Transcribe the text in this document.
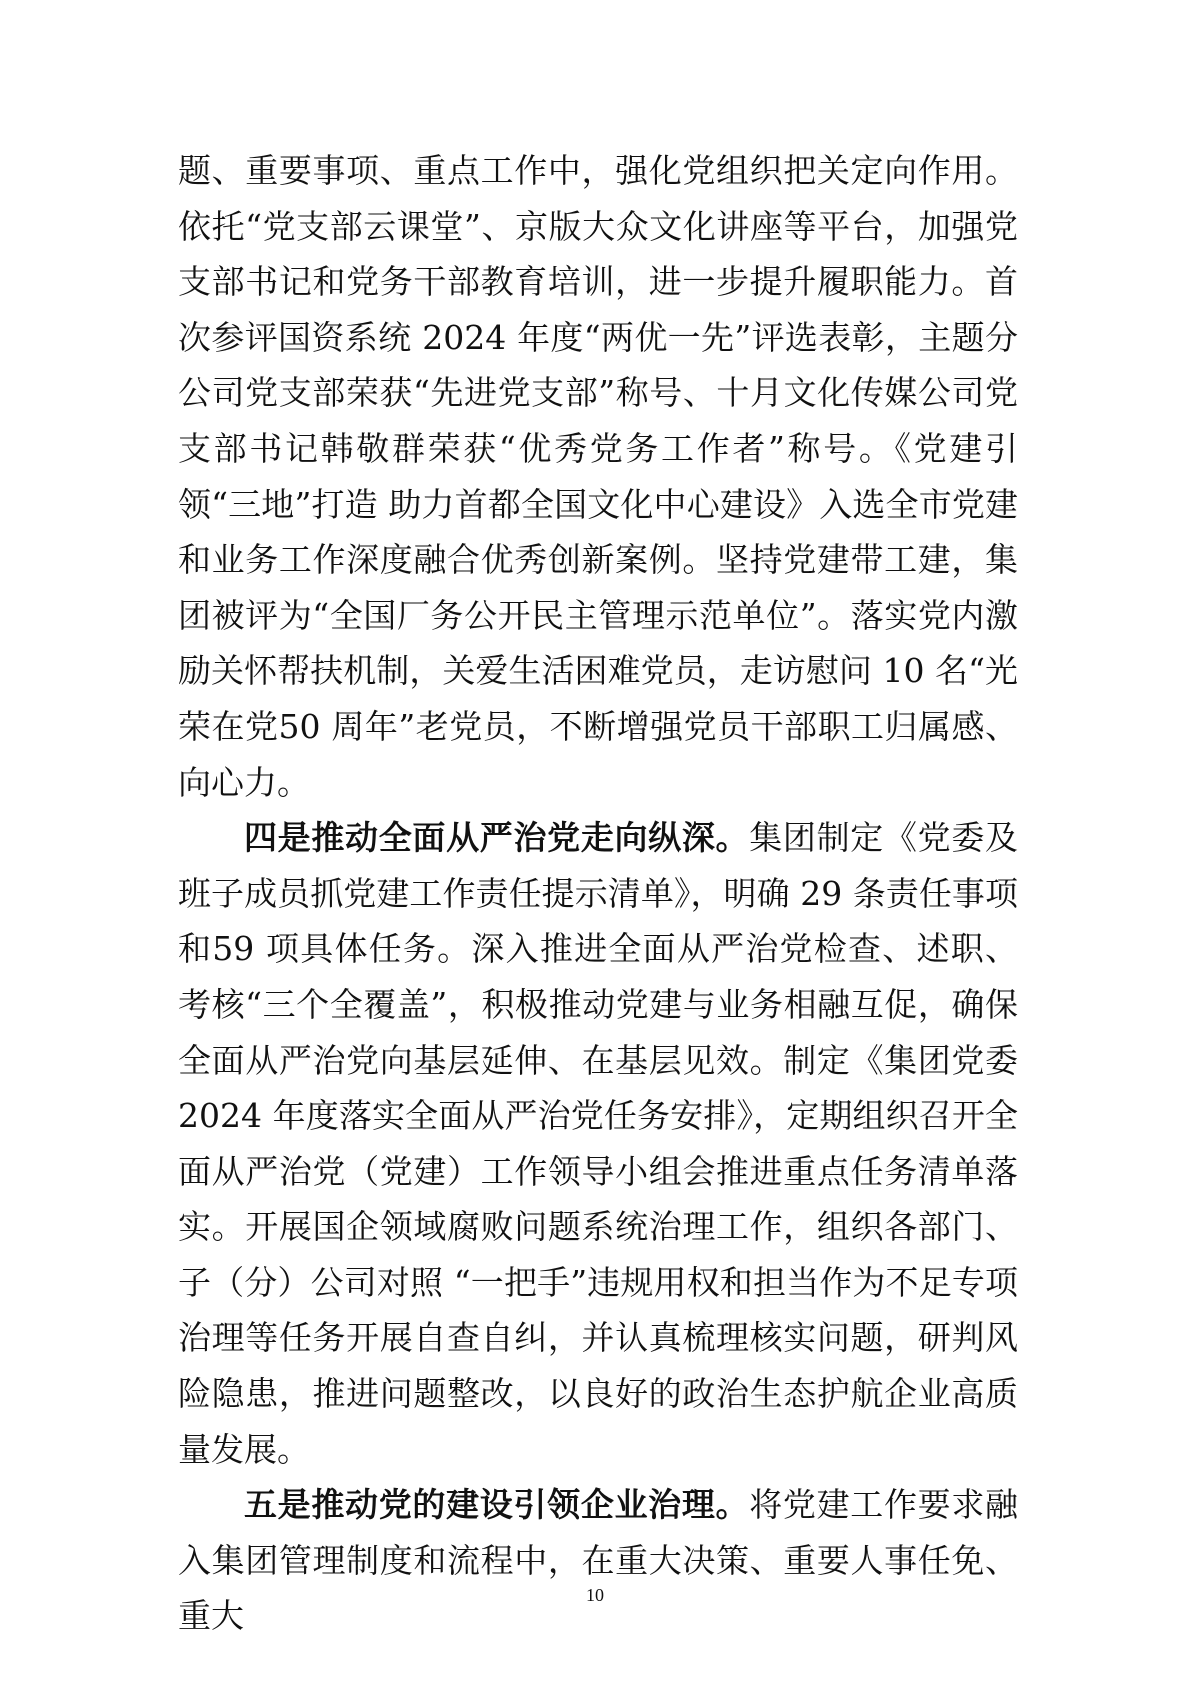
题、重要事项、重点工作中，强化党组织把关定向作用。依托“党支部云课堂”、京版大众文化讲座等平台，加强党支部书记和党务干部教育培训，进一步提升履职能力。首次参评国资系统 2024 年度“两优一先”评选表彰，主题分公司党支部荣获“先进党支部”称号、十月文化传媒公司党支部书记韩敬群荣获“优秀党务工作者”称号。《党建引领“三地”打造 助力首都全国文化中心建设》入选全市党建和业务工作深度融合优秀创新案例。坚持党建带工建，集团被评为“全国厂务公开民主管理示范单位”。落实党内激励关怀帮扶机制，关爱生活困难党员，走访慰问 10 名“光荣在党50 周年”老党员，不断增强党员干部职工归属感、向心力。

四是推动全面从严治党走向纵深。集团制定《党委及班子成员抓党建工作责任提示清单》，明确 29 条责任事项和59 项具体任务。深入推进全面从严治党检查、述职、考核“三个全覆盖”，积极推动党建与业务相融互促，确保全面从严治党向基层延伸、在基层见效。制定《集团党委 2024 年度落实全面从严治党任务安排》，定期组织召开全面从严治党（党建）工作领导小组会推进重点任务清单落实。开展国企领域腐败问题系统治理工作，组织各部门、子（分）公司对照 “一把手”违规用权和担当作为不足专项治理等任务开展自查自纠，并认真梳理核实问题，研判风险隐患，推进问题整改，以良好的政治生态护航企业高质量发展。

五是推动党的建设引领企业治理。将党建工作要求融入集团管理制度和流程中，在重大决策、重要人事任免、重大

10
